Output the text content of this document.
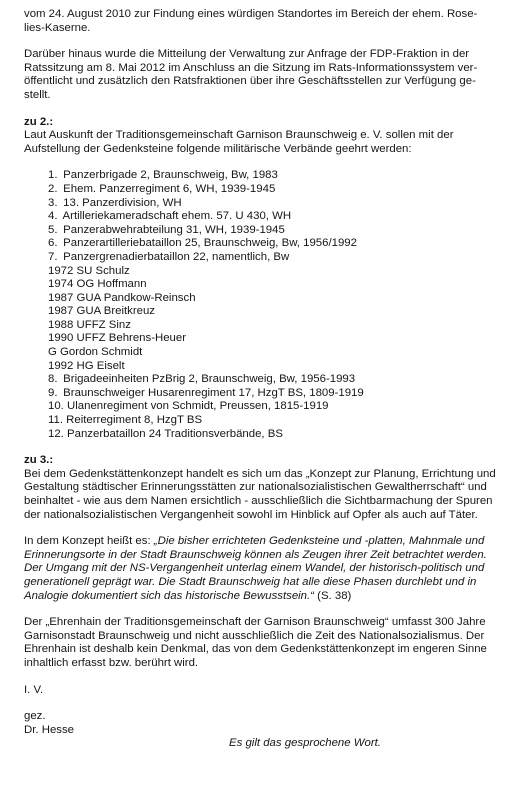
vom 24. August 2010 zur Findung eines würdigen Standortes im Bereich der ehem. Rose-

lies-Kaserne.

Darüber hinaus wurde die Mitteilung der Verwaltung zur Anfrage der FDP-Fraktion in der Ratssitzung am 8. Mai 2012 im Anschluss an die Sitzung im Rats-Informationssystem ver-öffentlicht und zusätzlich den Ratsfraktionen über ihre Geschäftsstellen zur Verfügung ge-stellt.

zu 2.:

Laut Auskunft der Traditionsgemeinschaft Garnison Braunschweig e. V. sollen mit der Aufstellung der Gedenksteine folgende militärische Verbände geehrt werden:

1. Panzerbrigade 2, Braunschweig, Bw, 1983
2. Ehem. Panzerregiment 6, WH, 1939-1945
3. 13. Panzerdivision, WH
4. Artilleriekameradschaft ehem. 57. U 430, WH
5. Panzerabwehrabteilung 31, WH, 1939-1945
6. Panzerartilleriebataillon 25, Braunschweig, Bw, 1956/1992
7. Panzergrenadierbataillon 22, namentlich, Bw
1972 SU Schulz
1974 OG Hoffmann
1987 GUA Pandkow-Reinsch
1987 GUA Breitkreuz
1988 UFFZ Sinz
1990 UFFZ Behrens-Heuer
G Gordon Schmidt
1992 HG Eiselt
8. Brigadeeinheiten PzBrig 2, Braunschweig, Bw, 1956-1993
9. Braunschweiger Husarenregiment 17, HzgT BS, 1809-1919
10. Ulanenregiment von Schmidt, Preussen, 1815-1919
11. Reiterregiment 8, HzgT BS
12. Panzerbataillon 24 Traditionsverbände, BS

zu 3.:

Bei dem Gedenkstättenkonzept handelt es sich um das „Konzept zur Planung, Errichtung und Gestaltung städtischer Erinnerungsstätten zur nationalsozialistischen Gewaltherrschaft“ und beinhaltet - wie aus dem Namen ersichtlich - ausschließlich die Sichtbarmachung der Spuren der nationalsozialistischen Vergangenheit sowohl im Hinblick auf Opfer als auch auf Täter.

In dem Konzept heißt es: „Die bisher errichteten Gedenksteine und -platten, Mahnmale und Erinnerungsorte in der Stadt Braunschweig können als Zeugen ihrer Zeit betrachtet werden. Der Umgang mit der NS-Vergangenheit unterlag einem Wandel, der historisch-politisch und generationell geprägt war. Die Stadt Braunschweig hat alle diese Phasen durchlebt und in Analogie dokumentiert sich das historische Bewusstsein.“ (S. 38)

Der „Ehrenhain der Traditionsgemeinschaft der Garnison Braunschweig“ umfasst 300 Jahre Garnisonstadt Braunschweig und nicht ausschließlich die Zeit des Nationalsozialismus. Der Ehrenhain ist deshalb kein Denkmal, das von dem Gedenkstättenkonzept im engeren Sinne inhaltlich erfasst bzw. berührt wird.

I. V.

gez.

Dr. Hesse

Es gilt das gesprochene Wort.
